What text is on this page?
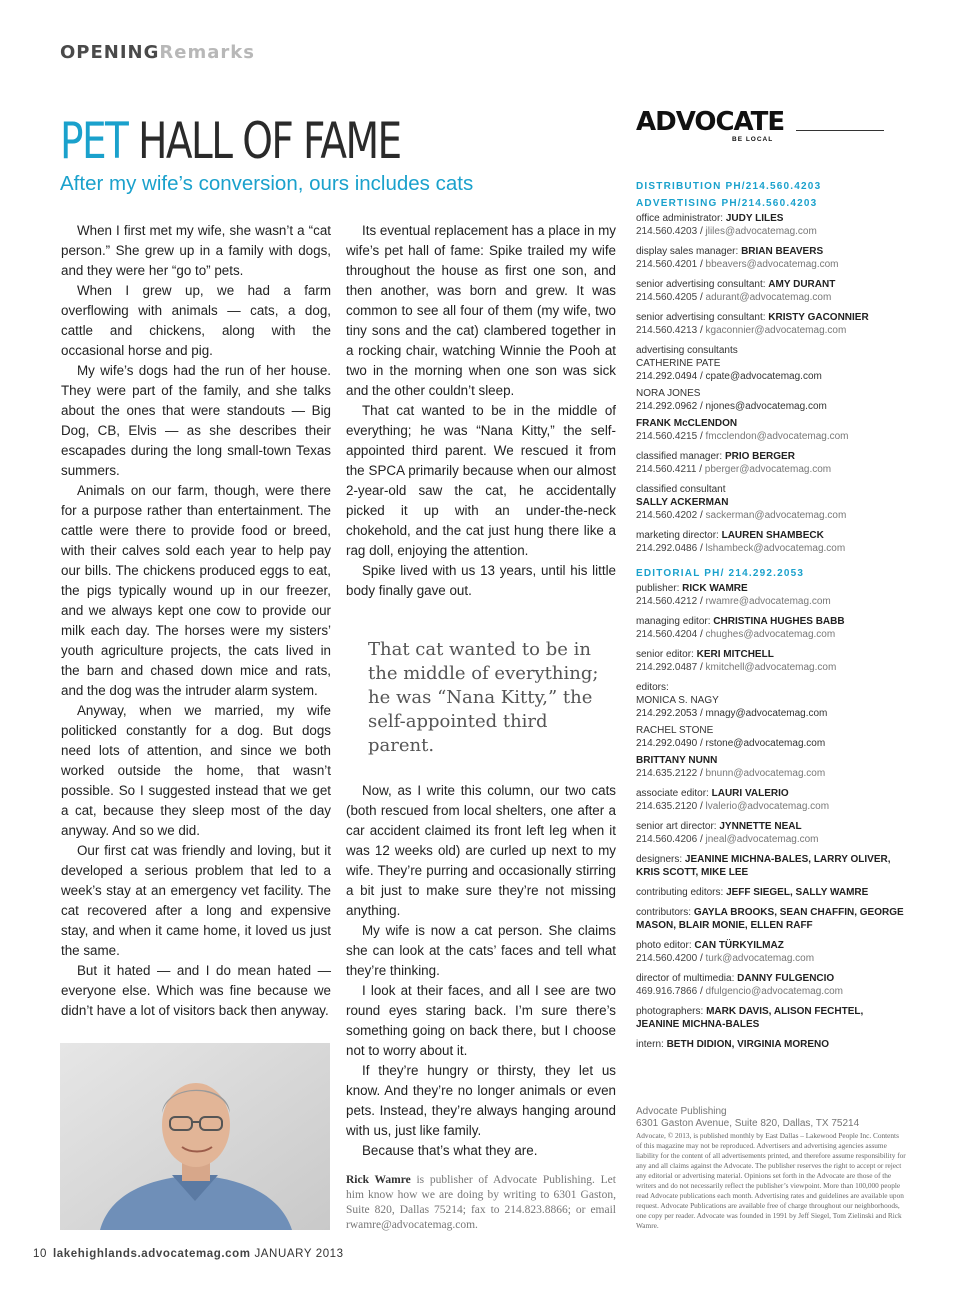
OPENINGRemarks
PET HALL OF FAME
After my wife’s conversion, ours includes cats

When I first met my wife, she wasn’t a “cat person.” She grew up in a family with dogs, and they were her “go to” pets.

When I grew up, we had a farm overflowing with animals — cats, a dog, cattle and chickens, along with the occasional horse and pig.

My wife’s dogs had the run of her house. They were part of the family, and she talks about the ones that were standouts — Big Dog, CB, Elvis — as she describes their escapades during the long small-town Texas summers.

Animals on our farm, though, were there for a purpose rather than entertainment. The cattle were there to provide food or breed, with their calves sold each year to help pay our bills. The chickens produced eggs to eat, the pigs typically wound up in our freezer, and we always kept one cow to provide our milk each day. The horses were my sisters’ youth agriculture projects, the cats lived in the barn and chased down mice and rats, and the dog was the intruder alarm system.

Anyway, when we married, my wife politicked constantly for a dog. But dogs need lots of attention, and since we both worked outside the home, that wasn’t possible. So I suggested instead that we get a cat, because they sleep most of the day anyway. And so we did.

Our first cat was friendly and loving, but it developed a serious problem that led to a week’s stay at an emergency vet facility. The cat recovered after a long and expensive stay, and when it came home, it loved us just the same.

But it hated — and I do mean hated — everyone else. Which was fine because we didn’t have a lot of visitors back then anyway.

Its eventual replacement has a place in my wife’s pet hall of fame: Spike trailed my wife throughout the house as first one son, and then another, was born and grew. It was common to see all four of them (my wife, two tiny sons and the cat) clambered together in a rocking chair, watching Winnie the Pooh at two in the morning when one son was sick and the other couldn’t sleep.

That cat wanted to be in the middle of everything; he was “Nana Kitty,” the self-appointed third parent. We rescued it from the SPCA primarily because when our almost 2-year-old saw the cat, he accidentally picked it up with an under-the-neck chokehold, and the cat just hung there like a rag doll, enjoying the attention.

Spike lived with us 13 years, until his little body finally gave out.

That cat wanted to be in the middle of everything; he was “Nana Kitty,” the self-appointed third parent.

Now, as I write this column, our two cats (both rescued from local shelters, one after a car accident claimed its front left leg when it was 12 weeks old) are curled up next to my wife. They’re purring and occasionally stirring a bit just to make sure they’re not missing anything.

My wife is now a cat person. She claims she can look at the cats’ faces and tell what they’re thinking.

I look at their faces, and all I see are two round eyes staring back. I’m sure there’s something going on back there, but I choose not to worry about it.

If they’re hungry or thirsty, they let us know. And they’re no longer animals or even pets. Instead, they’re always hanging around with us, just like family.

Because that’s what they are.

Rick Wamre is publisher of Advocate Publishing. Let him know how we are doing by writing to 6301 Gaston, Suite 820, Dallas 75214; fax to 214.823.8866; or email rwamre@advocatemag.com.
10 lakehighlands.advocatemag.com JANUARY 2013
ADVOCATE
BE LOCAL
DISTRIBUTION PH/214.560.4203
ADVERTISING PH/214.560.4203
office administrator: JUDY LILES
214.560.4203 / jliles@advocatemag.com
display sales manager: BRIAN BEAVERS
214.560.4201 / bbeavers@advocatemag.com
senior advertising consultant: AMY DURANT
214.560.4205 / adurant@advocatemag.com
senior advertising consultant: KRISTY GACONNIER
214.560.4213 / kgaconnier@advocatemag.com
advertising consultants
CATHERINE PATE
214.292.0494 / cpate@advocatemag.com
NORA JONES
214.292.0962 / njones@advocatemag.com
FRANK McCLENDON
214.560.4215 / fmcclendon@advocatemag.com
classified manager: PRIO BERGER
214.560.4211 / pberger@advocatemag.com
classified consultant
SALLY ACKERMAN
214.560.4202 / sackerman@advocatemag.com
marketing director: LAUREN SHAMBECK
214.292.0486 / lshambeck@advocatemag.com
EDITORIAL PH/ 214.292.2053
publisher: RICK WAMRE
214.560.4212 / rwamre@advocatemag.com
managing editor: CHRISTINA HUGHES BABB
214.560.4204 / chughes@advocatemag.com
senior editor: KERI MITCHELL
214.292.0487 / kmitchell@advocatemag.com
editors:
MONICA S. NAGY
214.292.2053 / mnagy@advocatemag.com
RACHEL STONE
214.292.0490 / rstone@advocatemag.com
BRITTANY NUNN
214.635.2122 / bnunn@advocatemag.com
associate editor: LAURI VALERIO
214.635.2120 / lvalerio@advocatemag.com
senior art director: JYNNETTE NEAL
214.560.4206 / jneal@advocatemag.com
designers: JEANINE MICHNA-BALES, LARRY OLIVER, KRIS SCOTT, MIKE LEE
contributing editors: JEFF SIEGEL, SALLY WAMRE
contributors: GAYLA BROOKS, SEAN CHAFFIN, GEORGE MASON, BLAIR MONIE, ELLEN RAFF
photo editor: CAN TÜRKYILMAZ
214.560.4200 / turk@advocatemag.com
director of multimedia: DANNY FULGENCIO
469.916.7866 / dfulgencio@advocatemag.com
photographers: MARK DAVIS, ALISON FECHTEL, JEANINE MICHNA-BALES
intern: BETH DIDION, VIRGINIA MORENO
Advocate Publishing
6301 Gaston Avenue, Suite 820, Dallas, TX 75214
Advocate, © 2013, is published monthly by East Dallas – Lakewood People Inc. Contents of this magazine may not be reproduced. Advertisers and advertising agencies assume liability for the content of all advertisements printed, and therefore assume responsibility for any and all claims against the Advocate. The publisher reserves the right to accept or reject any editorial or advertising material. Opinions set forth in the Advocate are those of the writers and do not necessarily reflect the publisher’s viewpoint. More than 100,000 people read Advocate publications each month. Advertising rates and guidelines are available upon request. Advocate Publications are available free of charge throughout our neighborhoods, one copy per reader. Advocate was founded in 1991 by Jeff Siegel, Tom Zielinski and Rick Wamre.
